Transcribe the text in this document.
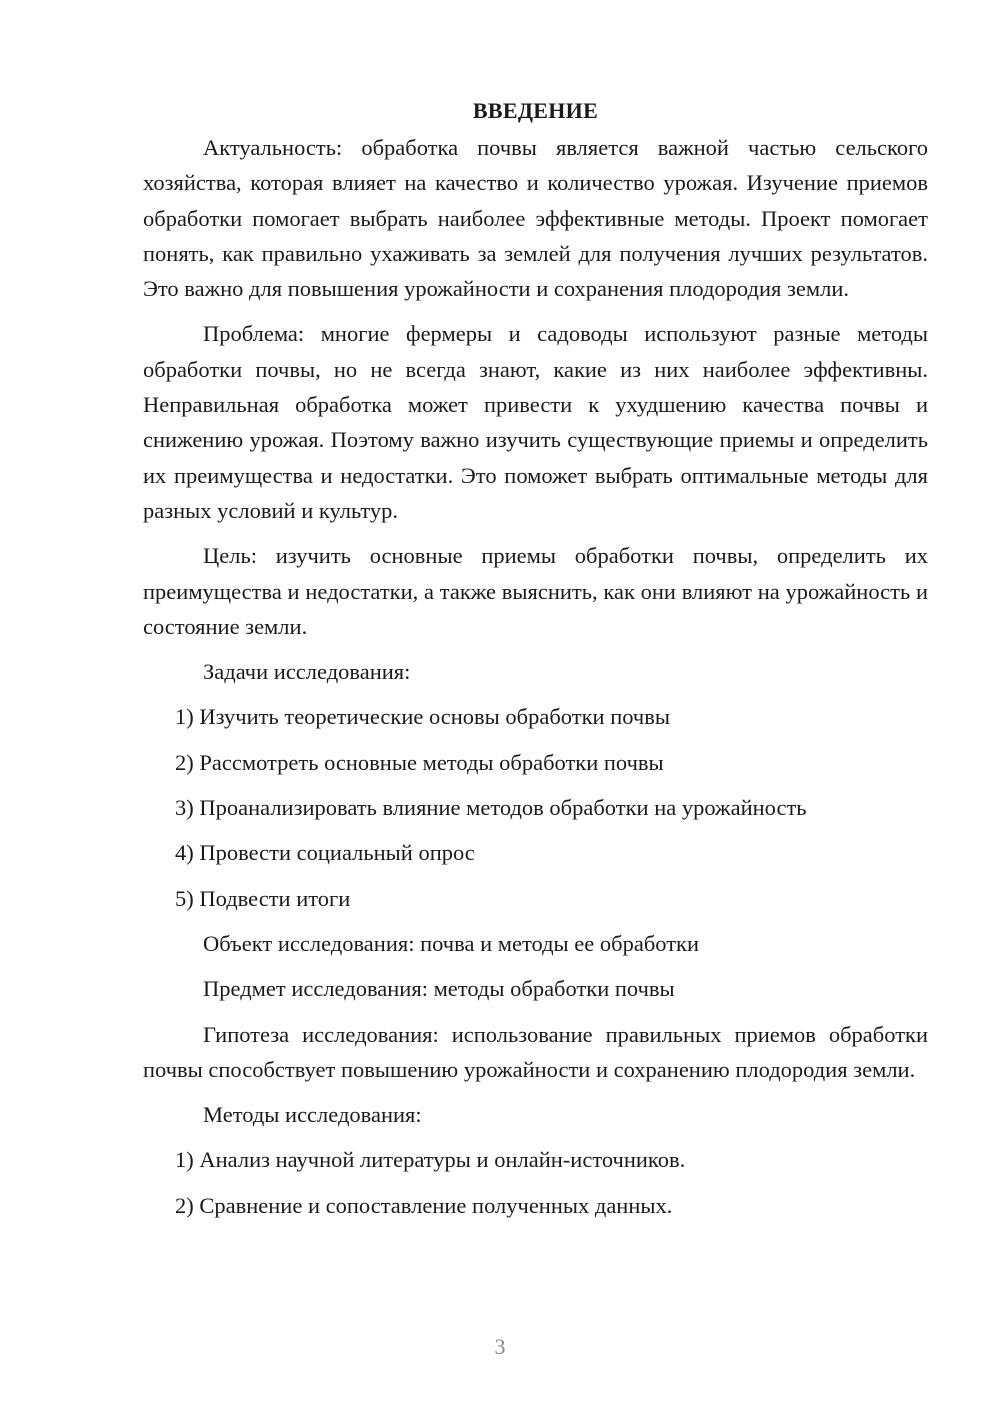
ВВЕДЕНИЕ

Актуальность: обработка почвы является важной частью сельского хозяйства, которая влияет на качество и количество урожая. Изучение приемов обработки помогает выбрать наиболее эффективные методы. Проект помогает понять, как правильно ухаживать за землей для получения лучших результатов. Это важно для повышения урожайности и сохранения плодородия земли.

Проблема: многие фермеры и садоводы используют разные методы обработки почвы, но не всегда знают, какие из них наиболее эффективны. Неправильная обработка может привести к ухудшению качества почвы и снижению урожая. Поэтому важно изучить существующие приемы и определить их преимущества и недостатки. Это поможет выбрать оптимальные методы для разных условий и культур.

Цель: изучить основные приемы обработки почвы, определить их преимущества и недостатки, а также выяснить, как они влияют на урожайность и состояние земли.

Задачи исследования:
1) Изучить теоретические основы обработки почвы
2) Рассмотреть основные методы обработки почвы
3) Проанализировать влияние методов обработки на урожайность
4) Провести социальный опрос
5) Подвести итоги
Объект исследования: почва и методы ее обработки
Предмет исследования: методы обработки почвы

Гипотеза исследования: использование правильных приемов обработки почвы способствует повышению урожайности и сохранению плодородия земли.

Методы исследования:
1) Анализ научной литературы и онлайн-источников.
2) Сравнение и сопоставление полученных данных.
3
